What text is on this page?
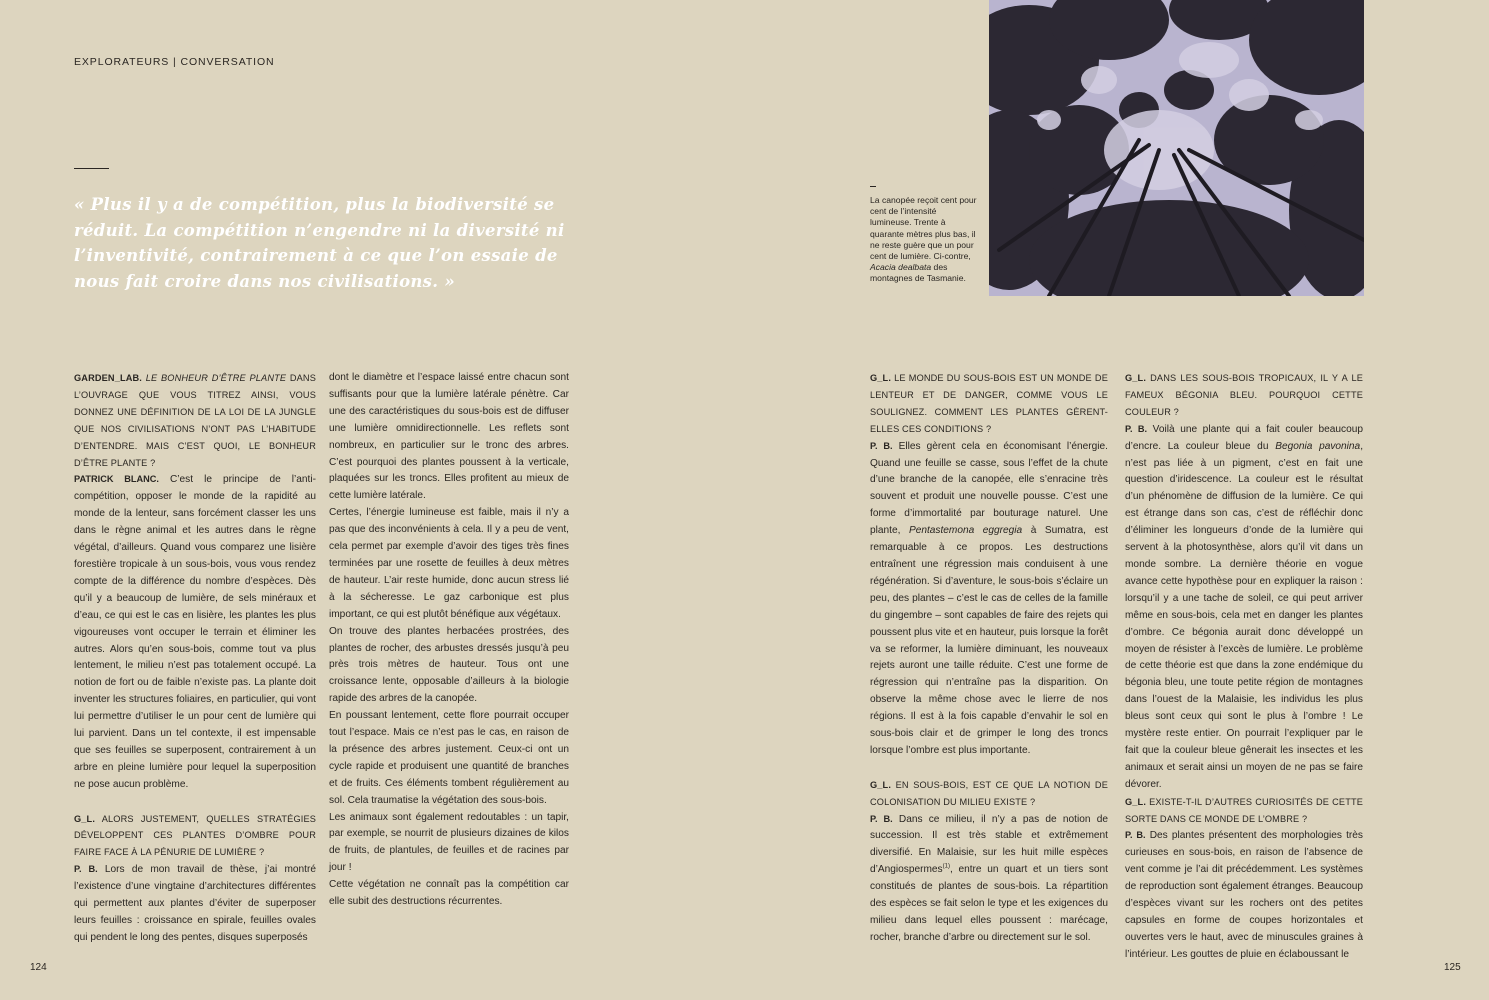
EXPLORATEURS | CONVERSATION

« Plus il y a de compétition, plus la biodiversité se réduit. La compétition n’engendre ni la diversité ni l’inventivité, contrairement à ce que l’on essaie de nous fait croire dans nos civilisations. »

La canopée reçoit cent pour cent de l’intensité lumineuse. Trente à quarante mètres plus bas, il ne reste guère que un pour cent de lumière. Ci-contre, Acacia dealbata des montagnes de Tasmanie.

GARDEN_LAB. LE BONHEUR D’ÊTRE PLANTE DANS L’OUVRAGE QUE VOUS TITREZ AINSI, VOUS DONNEZ UNE DÉFINITION DE LA LOI DE LA JUNGLE QUE NOS CIVILISATIONS N’ONT PAS L’HABITUDE D’ENTENDRE. MAIS C’EST QUOI, LE BONHEUR D’ÊTRE PLANTE ?

PATRICK BLANC. C’est le principe de l’anti-compétition, opposer le monde de la rapidité au monde de la lenteur, sans forcément classer les uns dans le règne animal et les autres dans le règne végétal, d’ailleurs. Quand vous comparez une lisière forestière tropicale à un sous-bois, vous vous rendez compte de la différence du nombre d’espèces. Dès qu’il y a beaucoup de lumière, de sels minéraux et d’eau, ce qui est le cas en lisière, les plantes les plus vigoureuses vont occuper le terrain et éliminer les autres. Alors qu’en sous-bois, comme tout va plus lentement, le milieu n’est pas totalement occupé. La notion de fort ou de faible n’existe pas. La plante doit inventer les structures foliaires, en particulier, qui vont lui permettre d’utiliser le un pour cent de lumière qui lui parvient. Dans un tel contexte, il est impensable que ses feuilles se superposent, contrairement à un arbre en pleine lumière pour lequel la superposition ne pose aucun problème.

G_L. ALORS JUSTEMENT, QUELLES STRATÉGIES DÉVELOPPENT CES PLANTES D’OMBRE POUR FAIRE FACE À LA PÉNURIE DE LUMIÈRE ?

P. B. Lors de mon travail de thèse, j’ai montré l’existence d’une vingtaine d’architectures différentes qui permettent aux plantes d’éviter de superposer leurs feuilles : croissance en spirale, feuilles ovales qui pendent le long des pentes, disques superposés

dont le diamètre et l’espace laissé entre chacun sont suffisants pour que la lumière latérale pénètre. Car une des caractéristiques du sous-bois est de diffuser une lumière omnidirectionnelle. Les reflets sont nombreux, en particulier sur le tronc des arbres. C’est pourquoi des plantes poussent à la verticale, plaquées sur les troncs. Elles profitent au mieux de cette lumière latérale.

Certes, l’énergie lumineuse est faible, mais il n’y a pas que des inconvénients à cela. Il y a peu de vent, cela permet par exemple d’avoir des tiges très fines terminées par une rosette de feuilles à deux mètres de hauteur. L’air reste humide, donc aucun stress lié à la sécheresse. Le gaz carbonique est plus important, ce qui est plutôt bénéfique aux végétaux.

On trouve des plantes herbacées prostrées, des plantes de rocher, des arbustes dressés jusqu’à peu près trois mètres de hauteur. Tous ont une croissance lente, opposable d’ailleurs à la biologie rapide des arbres de la canopée.

En poussant lentement, cette flore pourrait occuper tout l’espace. Mais ce n’est pas le cas, en raison de la présence des arbres justement. Ceux-ci ont un cycle rapide et produisent une quantité de branches et de fruits. Ces éléments tombent régulièrement au sol. Cela traumatise la végétation des sous-bois.

Les animaux sont également redoutables : un tapir, par exemple, se nourrit de plusieurs dizaines de kilos de fruits, de plantules, de feuilles et de racines par jour !

Cette végétation ne connaît pas la compétition car elle subit des destructions récurrentes.

G_L. LE MONDE DU SOUS-BOIS EST UN MONDE DE LENTEUR ET DE DANGER, COMME VOUS LE SOULIGNEZ. COMMENT LES PLANTES GÈRENT-ELLES CES CONDITIONS ?

P. B. Elles gèrent cela en économisant l’énergie. Quand une feuille se casse, sous l’effet de la chute d’une branche de la canopée, elle s’enracine très souvent et produit une nouvelle pousse. C’est une forme d’immortalité par bouturage naturel. Une plante, Pentastemona eggregia à Sumatra, est remarquable à ce propos. Les destructions entraînent une régression mais conduisent à une régénération. Si d’aventure, le sous-bois s’éclaire un peu, des plantes – c’est le cas de celles de la famille du gingembre – sont capables de faire des rejets qui poussent plus vite et en hauteur, puis lorsque la forêt va se reformer, la lumière diminuant, les nouveaux rejets auront une taille réduite. C’est une forme de régression qui n’entraîne pas la disparition. On observe la même chose avec le lierre de nos régions. Il est à la fois capable d’envahir le sol en sous-bois clair et de grimper le long des troncs lorsque l’ombre est plus importante.

G_L. EN SOUS-BOIS, EST CE QUE LA NOTION DE COLONISATION DU MILIEU EXISTE ?

P. B. Dans ce milieu, il n’y a pas de notion de succession. Il est très stable et extrêmement diversifié. En Malaisie, sur les huit mille espèces d’Angiospermes$^{(1)}$, entre un quart et un tiers sont constitués de plantes de sous-bois. La répartition des espèces se fait selon le type et les exigences du milieu dans lequel elles poussent : marécage, rocher, branche d’arbre ou directement sur le sol.

G_L. DANS LES SOUS-BOIS TROPICAUX, IL Y A LE FAMEUX BÉGONIA BLEU. POURQUOI CETTE COULEUR ?

P. B. Voilà une plante qui a fait couler beaucoup d’encre. La couleur bleue du Begonia pavonina, n’est pas liée à un pigment, c’est en fait une question d’iridescence. La couleur est le résultat d’un phénomène de diffusion de la lumière. Ce qui est étrange dans son cas, c’est de réfléchir donc d’éliminer les longueurs d’onde de la lumière qui servent à la photosynthèse, alors qu’il vit dans un monde sombre. La dernière théorie en vogue avance cette hypothèse pour en expliquer la raison : lorsqu’il y a une tache de soleil, ce qui peut arriver même en sous-bois, cela met en danger les plantes d’ombre. Ce bégonia aurait donc développé un moyen de résister à l’excès de lumière. Le problème de cette théorie est que dans la zone endémique du bégonia bleu, une toute petite région de montagnes dans l’ouest de la Malaisie, les individus les plus bleus sont ceux qui sont le plus à l’ombre ! Le mystère reste entier. On pourrait l’expliquer par le fait que la couleur bleue gênerait les insectes et les animaux et serait ainsi un moyen de ne pas se faire dévorer.

G_L. EXISTE-T-IL D’AUTRES CURIOSITÉS DE CETTE SORTE DANS CE MONDE DE L’OMBRE ?

P. B. Des plantes présentent des morphologies très curieuses en sous-bois, en raison de l’absence de vent comme je l’ai dit précédemment. Les systèmes de reproduction sont également étranges. Beaucoup d’espèces vivant sur les rochers ont des petites capsules en forme de coupes horizontales et ouvertes vers le haut, avec de minuscules graines à l’intérieur. Les gouttes de pluie en éclaboussant le

124	125
